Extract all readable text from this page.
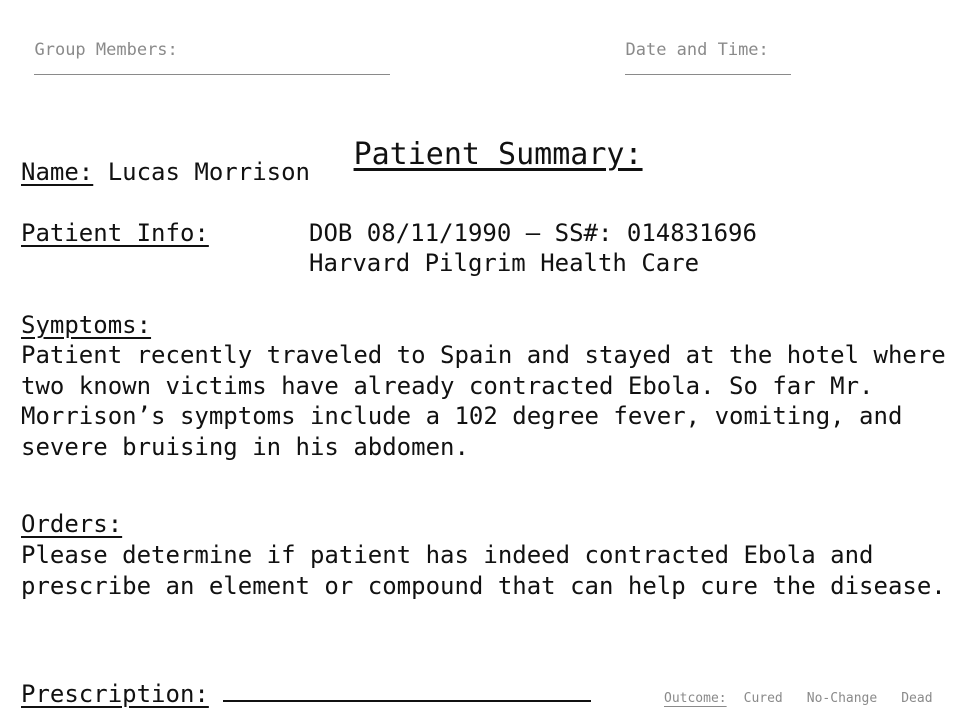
Group Members:
	Date and Time:

Patient Summary:

Name: Lucas Morrison
Patient Info:	DOB 08/11/1990 – SS#: 014831696
Harvard Pilgrim Health Care
Symptoms:
Patient recently traveled to Spain and stayed at the hotel where two known victims have already contracted Ebola. So far Mr. Morrison’s symptoms include a 102 degree fever, vomiting, and severe bruising in his abdomen.
Orders:
Please determine if patient has indeed contracted Ebola and prescribe an element or compound that can help cure the disease.
Prescription:	Outcome: Cured No-Change Dead
